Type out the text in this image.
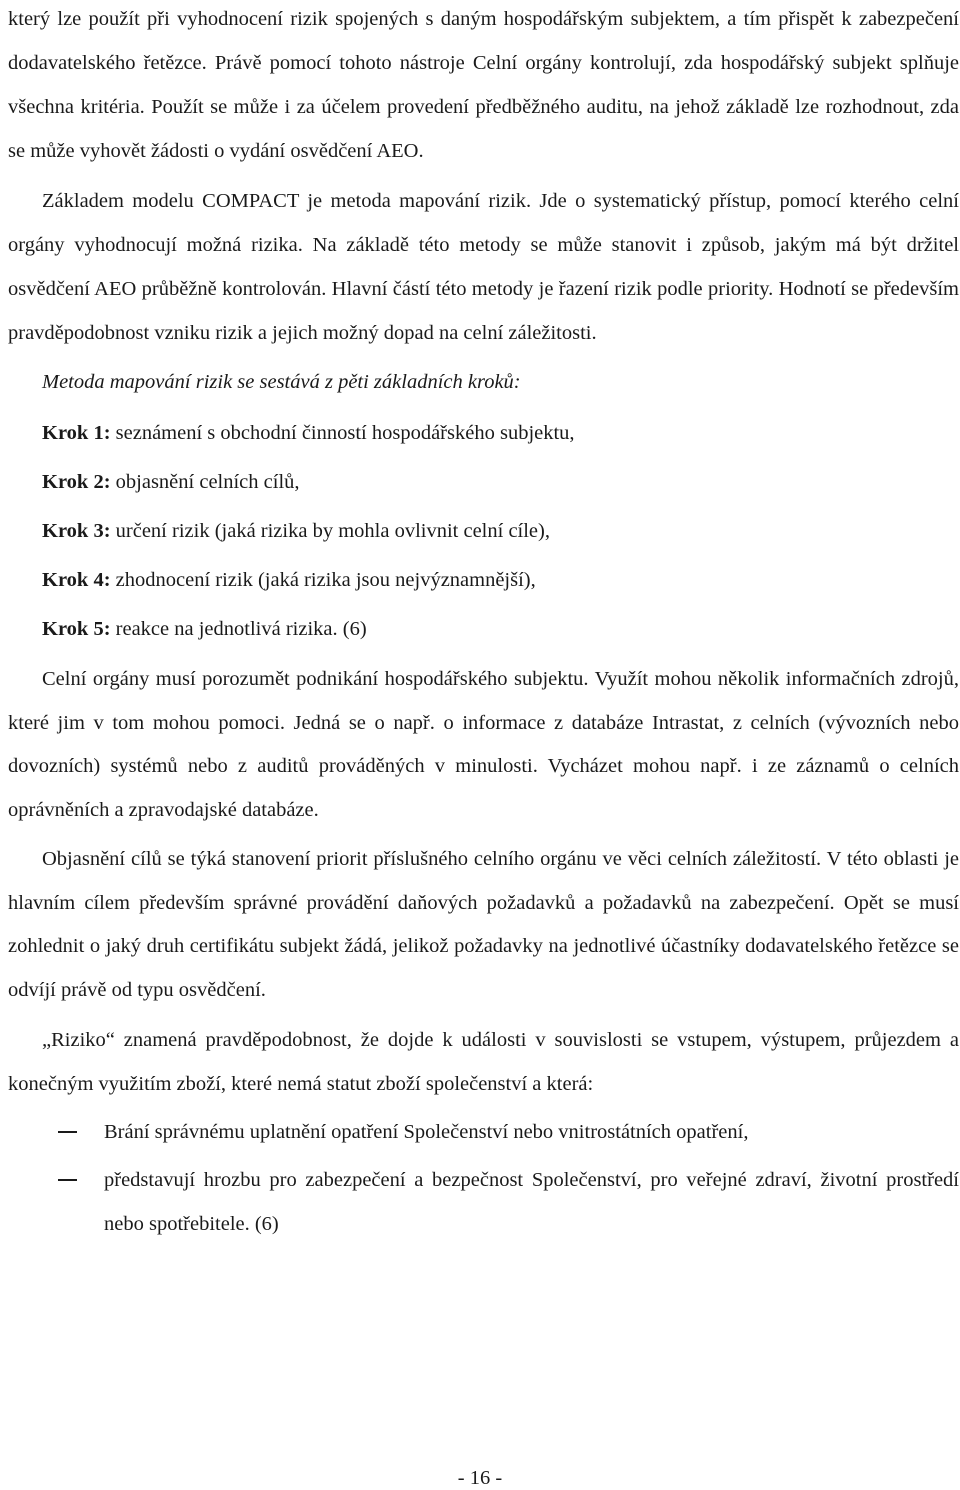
který lze použít při vyhodnocení rizik spojených s daným hospodářským subjektem, a tím přispět k zabezpečení dodavatelského řetězce. Právě pomocí tohoto nástroje Celní orgány kontrolují, zda hospodářský subjekt splňuje všechna kritéria. Použít se může i za účelem provedení předběžného auditu, na jehož základě lze rozhodnout, zda se může vyhovět žádosti o vydání osvědčení AEO.

Základem modelu COMPACT je metoda mapování rizik. Jde o systematický přístup, pomocí kterého celní orgány vyhodnocují možná rizika. Na základě této metody se může stanovit i způsob, jakým má být držitel osvědčení AEO průběžně kontrolován. Hlavní částí této metody je řazení rizik podle priority. Hodnotí se především pravděpodobnost vzniku rizik a jejich možný dopad na celní záležitosti.

Metoda mapování rizik se sestává z pěti základních kroků:

Krok 1: seznámení s obchodní činností hospodářského subjektu,

Krok 2: objasnění celních cílů,

Krok 3: určení rizik (jaká rizika by mohla ovlivnit celní cíle),

Krok 4: zhodnocení rizik (jaká rizika jsou nejvýznamnější),

Krok 5: reakce na jednotlivá rizika. (6)

Celní orgány musí porozumět podnikání hospodářského subjektu. Využít mohou několik informačních zdrojů, které jim v tom mohou pomoci. Jedná se o např. o informace z databáze Intrastat, z celních (vývozních nebo dovozních) systémů nebo z auditů prováděných v minulosti. Vycházet mohou např. i ze záznamů o celních oprávněních a zpravodajské databáze.

Objasnění cílů se týká stanovení priorit příslušného celního orgánu ve věci celních záležitostí. V této oblasti je hlavním cílem především správné provádění daňových požadavků a požadavků na zabezpečení. Opět se musí zohlednit o jaký druh certifikátu subjekt žádá, jelikož požadavky na jednotlivé účastníky dodavatelského řetězce se odvíjí právě od typu osvědčení.

„Riziko“ znamená pravděpodobnost, že dojde k události v souvislosti se vstupem, výstupem, průjezdem a konečným využitím zboží, které nemá statut zboží společenství a která:

Brání správnému uplatnění opatření Společenství nebo vnitrostátních opatření,

představují hrozbu pro zabezpečení a bezpečnost Společenství, pro veřejné zdraví, životní prostředí nebo spotřebitele. (6)

- 16 -
